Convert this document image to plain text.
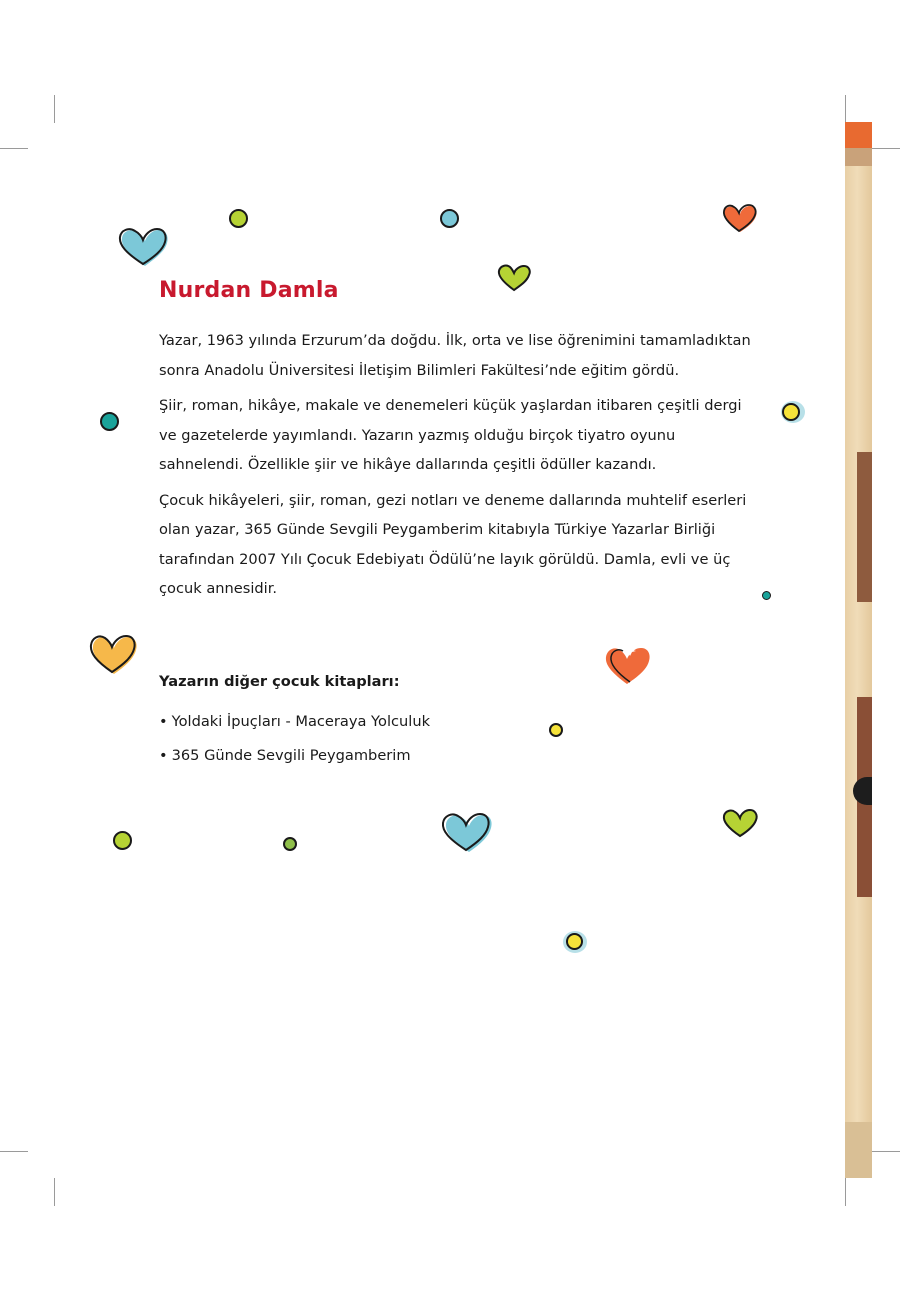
Nurdan Damla

Yazar, 1963 yılında Erzurum’da doğdu. İlk, orta ve lise öğrenimini tamamladıktan sonra Anadolu Üniversitesi İletişim Bilimleri Fakültesi’nde eğitim gördü.

Şiir, roman, hikâye, makale ve denemeleri küçük yaşlardan itibaren çeşitli dergi ve gazetelerde yayımlandı. Yazarın yazmış olduğu birçok tiyatro oyunu sahnelendi. Özellikle şiir ve hikâye dallarında çeşitli ödüller kazandı.

Çocuk hikâyeleri, şiir, roman, gezi notları ve deneme dallarında muhtelif eserleri olan yazar, 365 Günde Sevgili Peygamberim kitabıyla Türkiye Yazarlar Birliği tarafından 2007 Yılı Çocuk Edebiyatı Ödülü’ne layık görüldü. Damla, evli ve üç çocuk annesidir.

Yazarın diğer çocuk kitapları:
• Yoldaki İpuçları - Maceraya Yolculuk
• 365 Günde Sevgili Peygamberim
